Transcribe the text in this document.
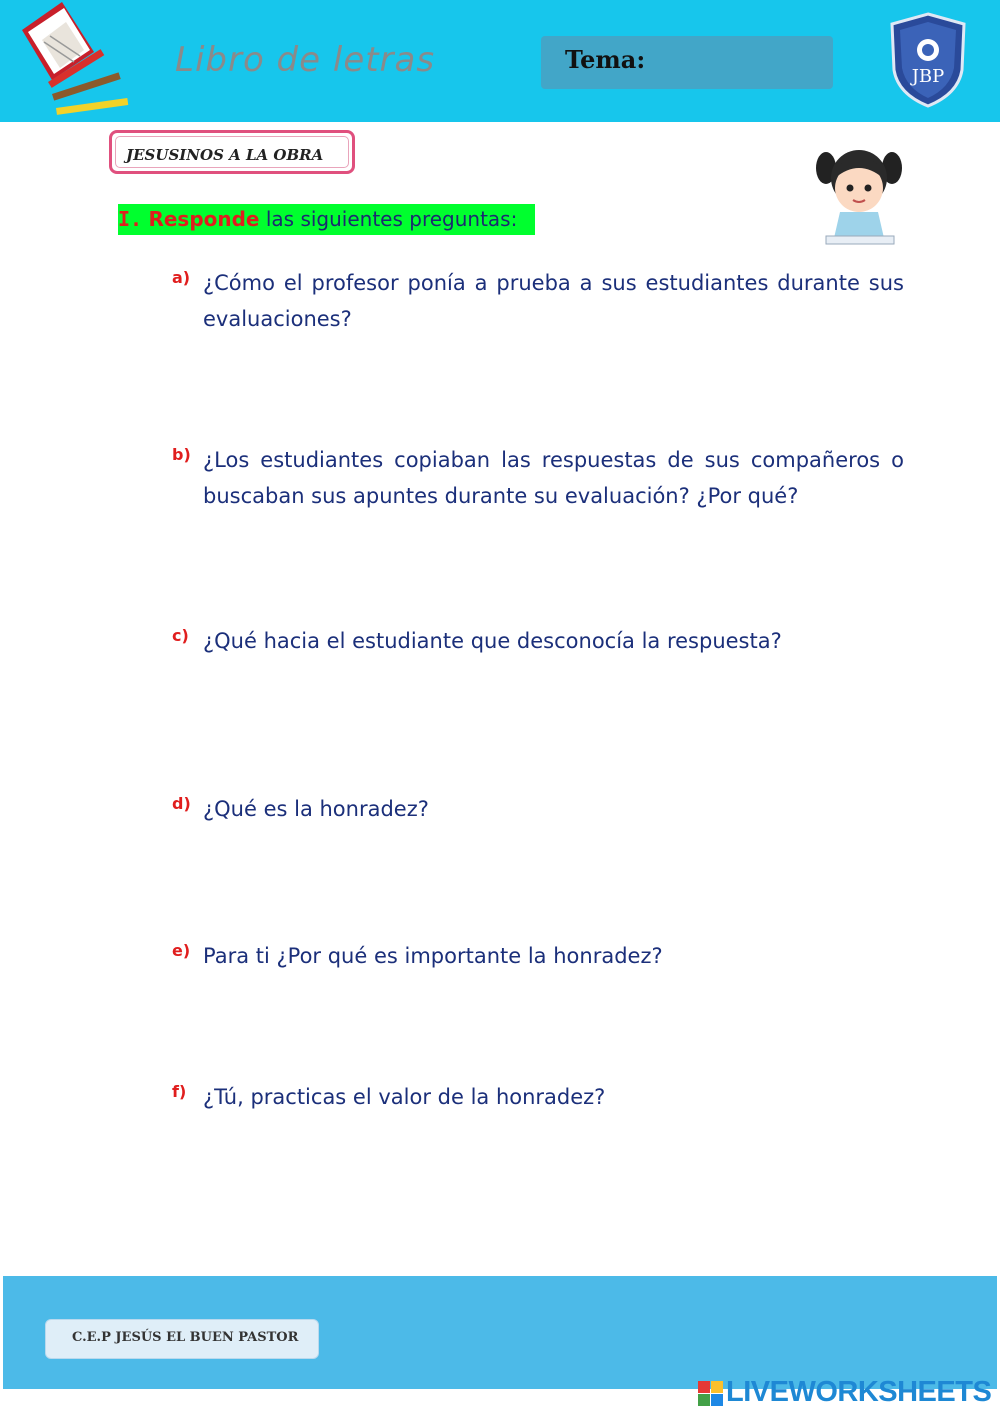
Libro de letras	Tema:
JBP
JESUSINOS A LA OBRA
I. Responde las siguientes preguntas:
a) ¿Cómo el profesor ponía a prueba a sus estudiantes durante sus evaluaciones?
b) ¿Los estudiantes copiaban las respuestas de sus compañeros o buscaban sus apuntes durante su evaluación? ¿Por qué?
c) ¿Qué hacia el estudiante que desconocía la respuesta?
d) ¿Qué es la honradez?
e) Para ti ¿Por qué es importante la honradez?
f) ¿Tú, practicas el valor de la honradez?
C.E.P JESÚS EL BUEN PASTOR
LIVEWORKSHEETS
